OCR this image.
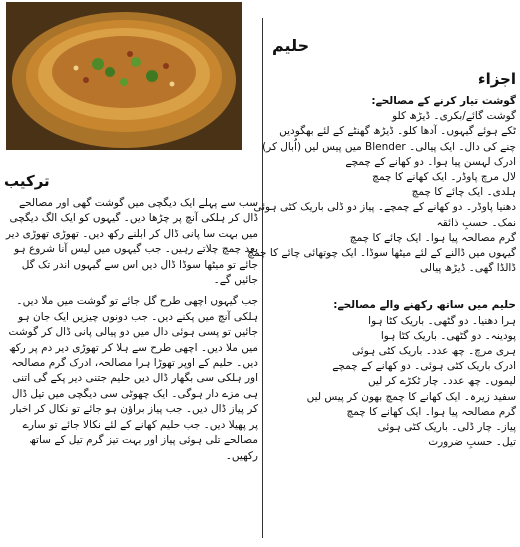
حلیم

اجزاء

گوشت تیار کرنے کے مصالحے:

گوشت گائے/بکری۔ ڈیڑھ کلو

ٹکے ہوئے گیہوں۔ آدھا کلو۔ ڈیڑھ گھنٹے کے لئے بھگودیں

چنے کی دال۔ ایک پیالی۔ Blender میں پیس لیں (اُبال کر)

ادرک لہسن پیا ہوا۔ دو کھانے کے چمچے

لال مرچ پاوڈر۔ ایک کھانے کا چمچ

ہلدی۔ ایک چائے کا چمچ

دھنیا پاوڈر۔ دو کھانے کے چمچے۔ پیاز دو ڈلی باریک کٹی ہوئی

نمک۔ حسبِ ذائقہ

گرم مصالحہ پیا ہوا۔ ایک چائے کا چمچ

گیہوں میں ڈالنے کے لئے میٹھا سوڈا۔ ایک چوتھائی چائے کا چمچ

ڈالڈا گھی۔ ڈیڑھ پیالی

حلیم میں ساتھ رکھنے والے مصالحے:

ہرا دھنیا۔ دو گٹھی۔ باریک کٹا ہوا

پودینہ۔ دو گٹھی۔ باریک کٹا ہوا

ہری مرچ۔ چھ عدد۔ باریک کٹی ہوئی

ادرک باریک کٹی ہوئی۔ دو کھانے کے چمچے

لیموں۔ چھ عدد۔ چار ٹکڑے کر لیں

سفید زیرہ۔ ایک کھانے کا چمچ بھون کر پیس لیں

گرم مصالحہ پیا ہوا۔ ایک کھانے کا چمچ

پیاز۔ چار ڈلی۔ باریک کٹی ہوئی

تیل۔ حسبِ ضرورت

ترکیب

سب سے پہلے ایک دیگچی میں گوشت گھی اور مصالحے ڈال کر ہلکی آنچ پر چڑھا دیں۔ گیہوں کو ایک الگ دیگچی میں بہت سا پانی ڈال کر ابلنے رکھ دیں۔ تھوڑی تھوڑی دیر بعد چمچ چلاتے رہیں۔ جب گیہوں میں لیس آنا شروع ہو جائے تو میٹھا سوڈا ڈال دیں اس سے گیہوں اندر تک گل جائیں گے۔

جب گیہوں اچھی طرح گل جائے تو گوشت میں ملا دیں۔ ہلکی آنچ میں پکنے دیں۔ جب دونوں چیزیں ایک جان ہو جائیں تو پسی ہوئی دال میں دو پیالی پانی ڈال کر گوشت میں ملا دیں۔ اچھی طرح سے ہلا کر تھوڑی دیر دم پر رکھ دیں۔ حلیم کے اوپر تھوڑا ہرا مصالحہ، ادرک گرم مصالحہ اور ہلکی سی بگھار ڈال دیں حلیم جتنی دیر پکے گی اتنی ہی مزے دار ہوگی۔ ایک چھوٹی سی دیگچی میں تیل ڈال کر پیاز ڈال دیں۔ جب پیاز براؤن ہو جائے تو نکال کر اخبار پر پھیلا دیں۔ جب حلیم کھانے کے لئے نکالا جائے تو سارے مصالحے تلی ہوئی پیاز اور بہت تیز گرم تیل کے ساتھ رکھیں۔
